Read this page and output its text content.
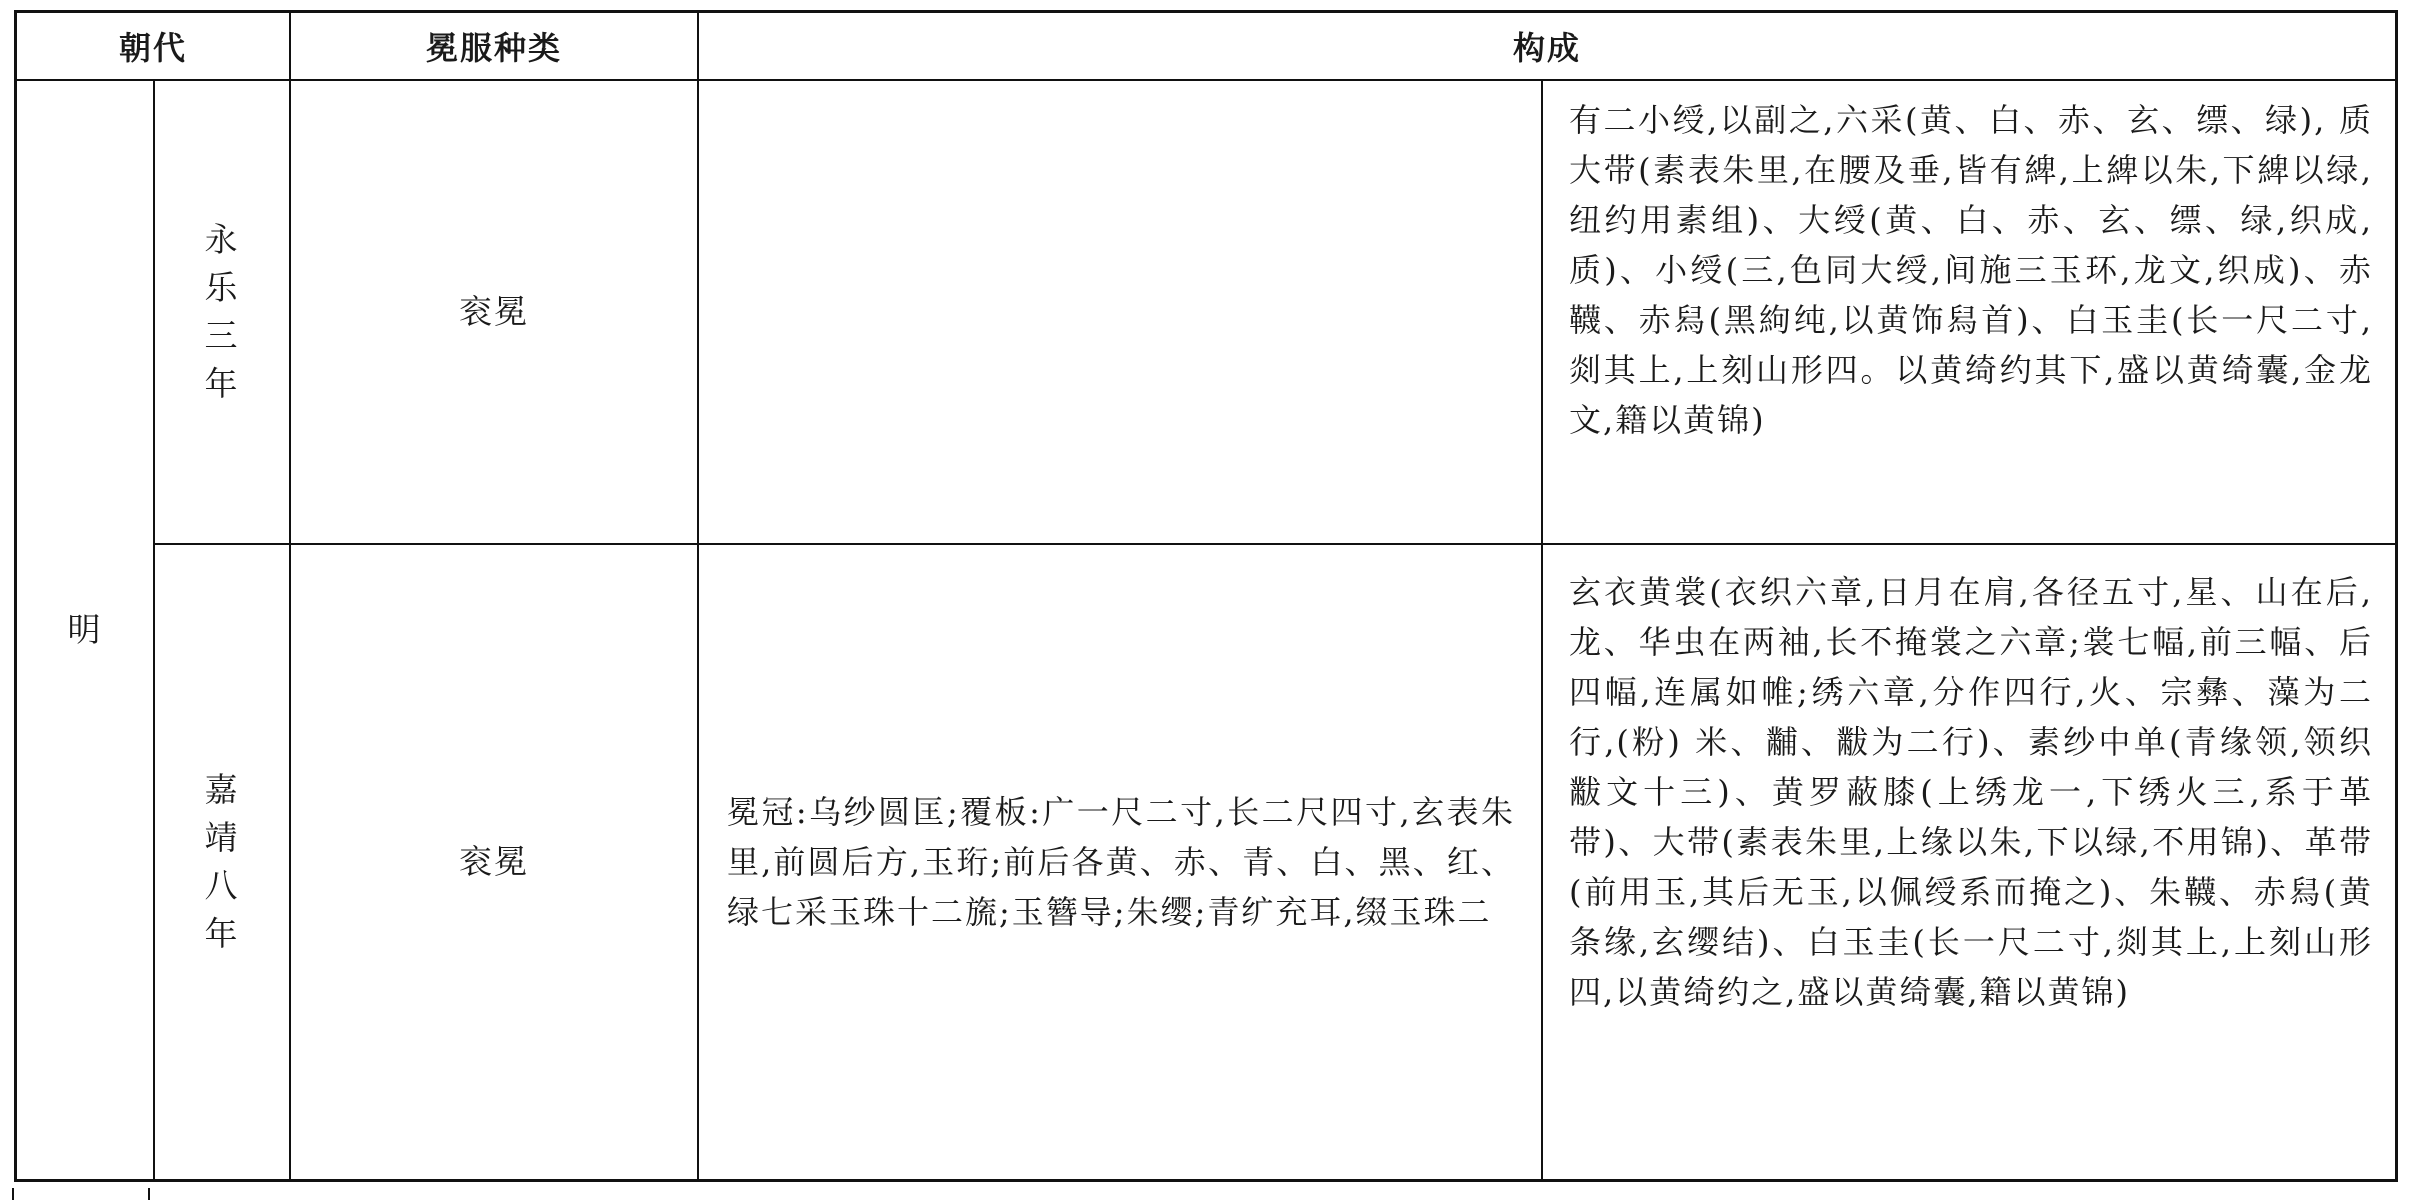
朝代	冕服种类	构成
明
永乐三年
衮冕
有二小绶,以副之,六采(黄、白、赤、玄、缥、绿), 质大带(素表朱里,在腰及垂,皆有綼,上綼以朱,下綼以绿,纽约用素组)、大绶(黄、白、赤、玄、缥、绿,织成, 质)、小绶(三,色同大绶,间施三玉环,龙文,织成)、赤韈、赤舄(黑絇纯,以黄饰舄首)、白玉圭(长一尺二寸,剡其上,上刻山形四。以黄绮约其下,盛以黄绮囊,金龙文,籍以黄锦)
嘉靖八年
衮冕
冕冠:乌纱圆匡;覆板:广一尺二寸,长二尺四寸,玄表朱里,前圆后方,玉珩;前后各黄、赤、青、白、黑、红、绿七采玉珠十二旒;玉簪导;朱缨;青纩充耳,缀玉珠二
玄衣黄裳(衣织六章,日月在肩,各径五寸,星、山在后,龙、华虫在两袖,长不掩裳之六章;裳七幅,前三幅、后四幅,连属如帷;绣六章,分作四行,火、宗彝、藻为二行,(粉) 米、黼、黻为二行)、素纱中单(青缘领,领织黻文十三)、黄罗蔽膝(上绣龙一,下绣火三,系于革带)、大带(素表朱里,上缘以朱,下以绿,不用锦)、革带(前用玉,其后无玉,以佩绶系而掩之)、朱韈、赤舄(黄条缘,玄缨结)、白玉圭(长一尺二寸,剡其上,上刻山形四,以黄绮约之,盛以黄绮囊,籍以黄锦)
